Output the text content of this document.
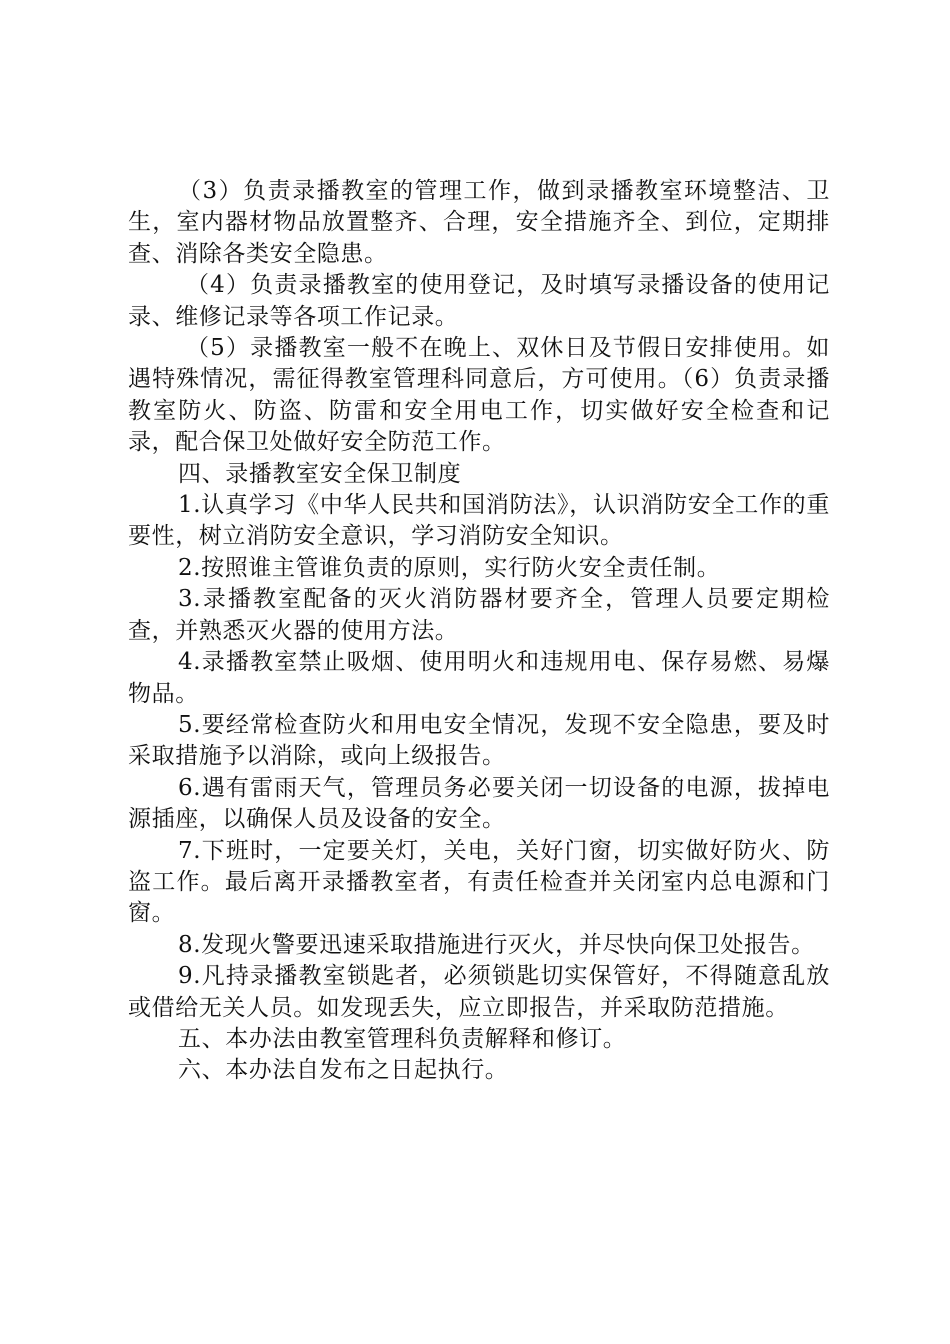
（3）负责录播教室的管理工作，做到录播教室环境整洁、卫生，室内器材物品放置整齐、合理，安全措施齐全、到位，定期排查、消除各类安全隐患。

（4）负责录播教室的使用登记，及时填写录播设备的使用记录、维修记录等各项工作记录。

（5）录播教室一般不在晚上、双休日及节假日安排使用。如遇特殊情况，需征得教室管理科同意后，方可使用。（6）负责录播教室防火、防盗、防雷和安全用电工作，切实做好安全检查和记录，配合保卫处做好安全防范工作。

四、录播教室安全保卫制度

1.认真学习《中华人民共和国消防法》，认识消防安全工作的重要性，树立消防安全意识，学习消防安全知识。

2.按照谁主管谁负责的原则，实行防火安全责任制。

3.录播教室配备的灭火消防器材要齐全，管理人员要定期检查，并熟悉灭火器的使用方法。

4.录播教室禁止吸烟、使用明火和违规用电、保存易燃、易爆物品。

5.要经常检查防火和用电安全情况，发现不安全隐患，要及时采取措施予以消除，或向上级报告。

6.遇有雷雨天气，管理员务必要关闭一切设备的电源，拔掉电源插座，以确保人员及设备的安全。

7.下班时，一定要关灯，关电，关好门窗，切实做好防火、防盗工作。最后离开录播教室者，有责任检查并关闭室内总电源和门窗。

8.发现火警要迅速采取措施进行灭火，并尽快向保卫处报告。

9.凡持录播教室锁匙者，必须锁匙切实保管好，不得随意乱放或借给无关人员。如发现丢失，应立即报告，并采取防范措施。

五、本办法由教室管理科负责解释和修订。

六、本办法自发布之日起执行。
